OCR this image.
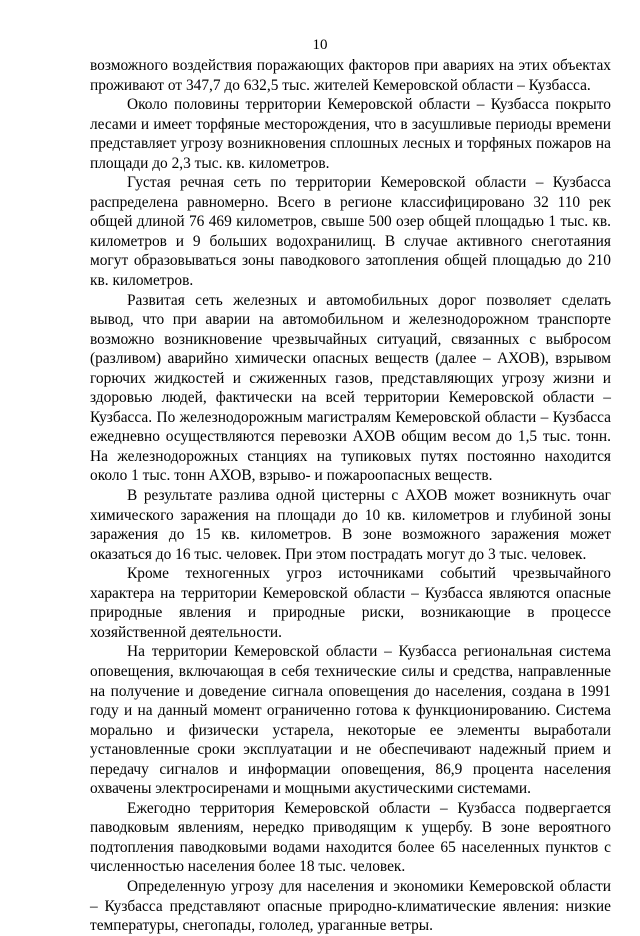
10

возможного воздействия поражающих факторов при авариях на этих объектах проживают от 347,7 до 632,5 тыс. жителей Кемеровской области – Кузбасса.

Около половины территории Кемеровской области – Кузбасса покрыто лесами и имеет торфяные месторождения, что в засушливые периоды времени представляет угрозу возникновения сплошных лесных и торфяных пожаров на площади до 2,3 тыс. кв. километров.

Густая речная сеть по территории Кемеровской области – Кузбасса распределена равномерно. Всего в регионе классифицировано 32 110 рек общей длиной 76 469 километров, свыше 500 озер общей площадью 1 тыс. кв. километров и 9 больших водохранилищ. В случае активного снеготаяния могут образовываться зоны паводкового затопления общей площадью до 210 кв. километров.

Развитая сеть железных и автомобильных дорог позволяет сделать вывод, что при аварии на автомобильном и железнодорожном транспорте возможно возникновение чрезвычайных ситуаций, связанных с выбросом (разливом) аварийно химически опасных веществ (далее – АХОВ), взрывом горючих жидкостей и сжиженных газов, представляющих угрозу жизни и здоровью людей, фактически на всей территории Кемеровской области – Кузбасса. По железнодорожным магистралям Кемеровской области – Кузбасса ежедневно осуществляются перевозки АХОВ общим весом до 1,5 тыс. тонн. На железнодорожных станциях на тупиковых путях постоянно находится около 1 тыс. тонн АХОВ, взрыво- и пожароопасных веществ.

В результате разлива одной цистерны с АХОВ может возникнуть очаг химического заражения на площади до 10 кв. километров и глубиной зоны заражения до 15 кв. километров. В зоне возможного заражения может оказаться до 16 тыс. человек. При этом пострадать могут до 3 тыс. человек.

Кроме техногенных угроз источниками событий чрезвычайного характера на территории Кемеровской области – Кузбасса являются опасные природные явления и природные риски, возникающие в процессе хозяйственной деятельности.

На территории Кемеровской области – Кузбасса региональная система оповещения, включающая в себя технические силы и средства, направленные на получение и доведение сигнала оповещения до населения, создана в 1991 году и на данный момент ограниченно готова к функционированию. Система морально и физически устарела, некоторые ее элементы выработали установленные сроки эксплуатации и не обеспечивают надежный прием и передачу сигналов и информации оповещения, 86,9 процента населения охвачены электросиренами и мощными акустическими системами.

Ежегодно территория Кемеровской области – Кузбасса подвергается паводковым явлениям, нередко приводящим к ущербу. В зоне вероятного подтопления паводковыми водами находится более 65 населенных пунктов с численностью населения более 18 тыс. человек.

Определенную угрозу для населения и экономики Кемеровской области – Кузбасса представляют опасные природно-климатические явления: низкие температуры, снегопады, гололед, ураганные ветры.
